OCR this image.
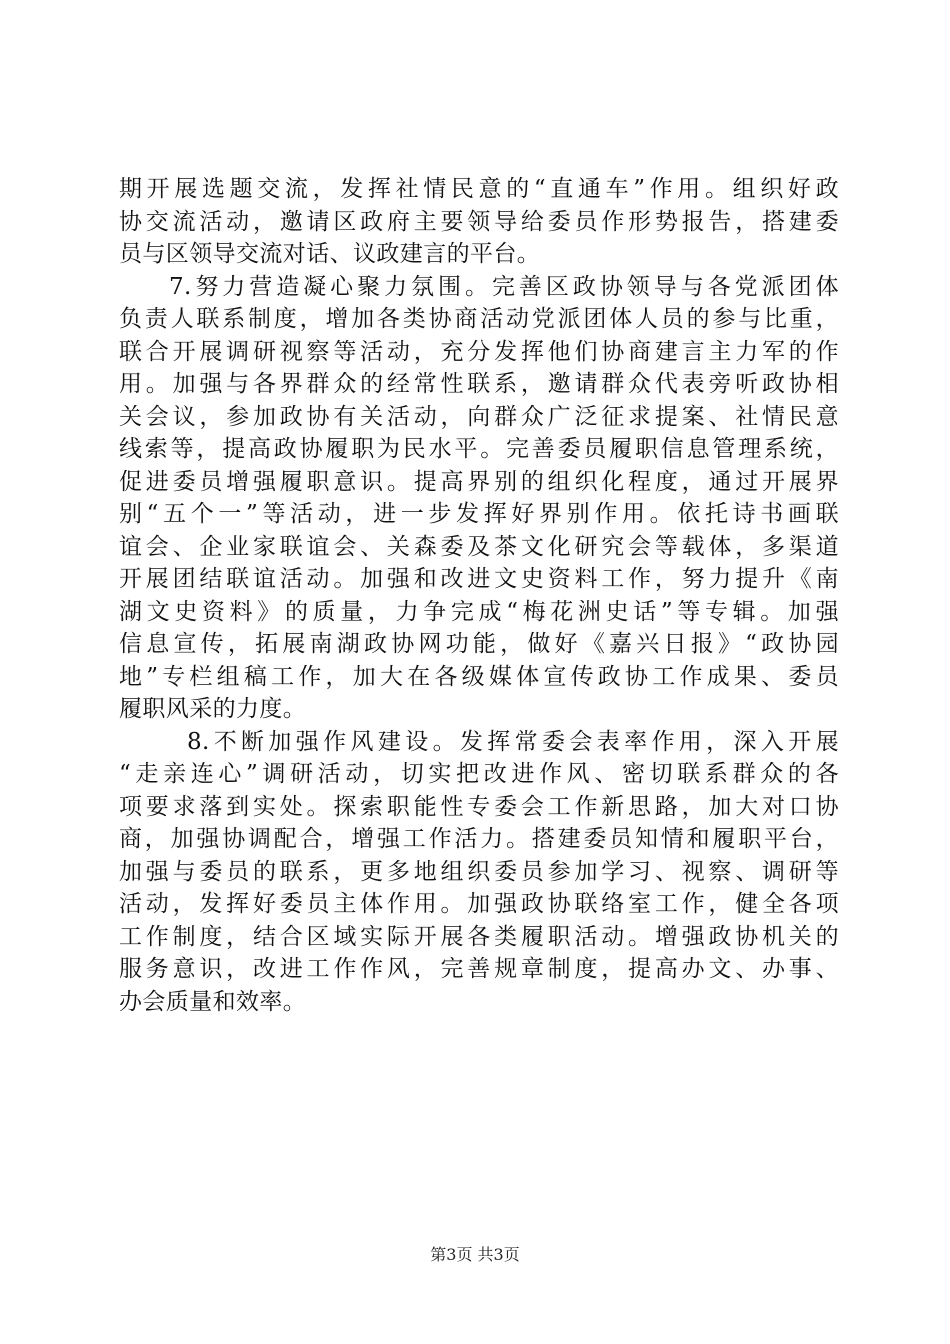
期开展选题交流，发挥社情民意的“直通车”作用。组织好政
协交流活动，邀请区政府主要领导给委员作形势报告，搭建委
员与区领导交流对话、议政建言的平台。
7.努力营造凝心聚力氛围。完善区政协领导与各党派团体
负责人联系制度，增加各类协商活动党派团体人员的参与比重，
联合开展调研视察等活动，充分发挥他们协商建言主力军的作
用。加强与各界群众的经常性联系，邀请群众代表旁听政协相
关会议，参加政协有关活动，向群众广泛征求提案、社情民意
线索等，提高政协履职为民水平。完善委员履职信息管理系统，
促进委员增强履职意识。提高界别的组织化程度，通过开展界
别“五个一”等活动，进一步发挥好界别作用。依托诗书画联
谊会、企业家联谊会、关森委及茶文化研究会等载体，多渠道
开展团结联谊活动。加强和改进文史资料工作，努力提升《南
湖文史资料》的质量，力争完成“梅花洲史话”等专辑。加强
信息宣传，拓展南湖政协网功能，做好《嘉兴日报》“政协园
地”专栏组稿工作，加大在各级媒体宣传政协工作成果、委员
履职风采的力度。
8.不断加强作风建设。发挥常委会表率作用，深入开展
“走亲连心”调研活动，切实把改进作风、密切联系群众的各
项要求落到实处。探索职能性专委会工作新思路，加大对口协
商，加强协调配合，增强工作活力。搭建委员知情和履职平台，
加强与委员的联系，更多地组织委员参加学习、视察、调研等
活动，发挥好委员主体作用。加强政协联络室工作，健全各项
工作制度，结合区域实际开展各类履职活动。增强政协机关的
服务意识，改进工作作风，完善规章制度，提高办文、办事、
办会质量和效率。
第3页 共3页
